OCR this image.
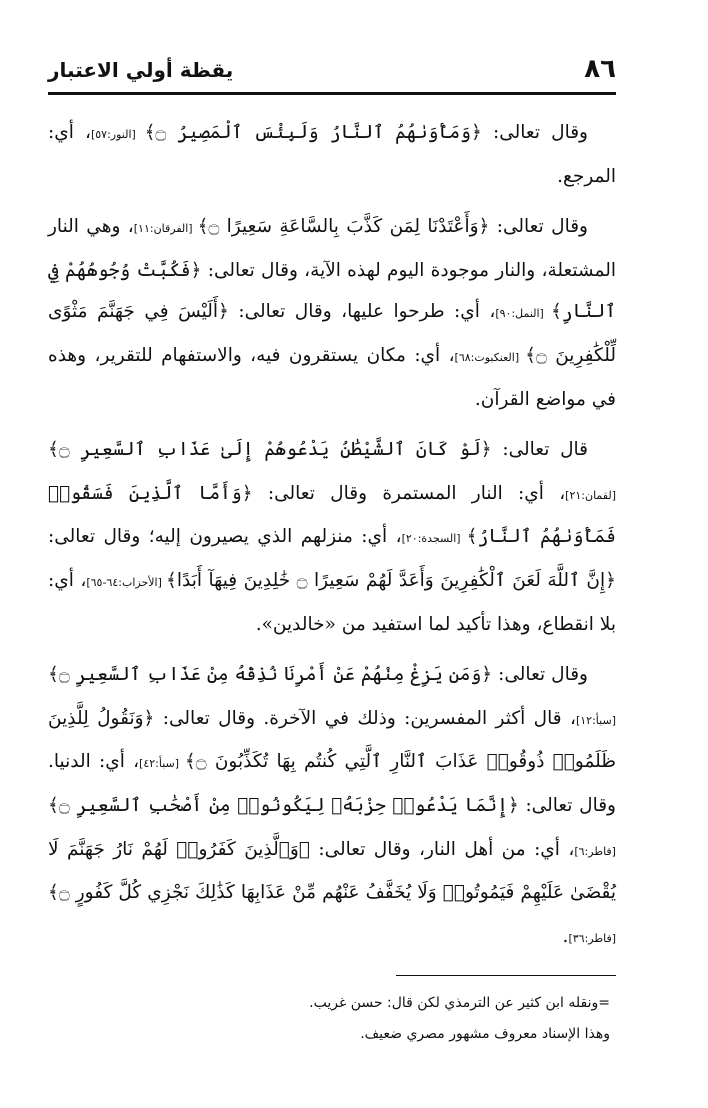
٨٦
يقظة أولي الاعتبار

وقال تعالى: ﴿وَمَأْوَىٰهُمُ ٱلنَّارُ وَلَبِئْسَ ٱلْمَصِيرُ ۝﴾ [النور:٥٧]، أي: المرجع.

وقال تعالى: ﴿وَأَعْتَدْنَا لِمَن كَذَّبَ بِالسَّاعَةِ سَعِيرًا ۝﴾ [الفرقان:١١]، وهي النار المشتعلة، والنار موجودة اليوم لهذه الآية، وقال تعالى: ﴿فَكُبَّتْ وُجُوهُهُمْ فِي ٱلنَّارِ﴾ [النمل:٩٠]، أي: طرحوا عليها، وقال تعالى: ﴿أَلَيْسَ فِي جَهَنَّمَ مَثْوًى لِّلْكَٰفِرِينَ ۝﴾ [العنكبوت:٦٨]، أي: مكان يستقرون فيه، والاستفهام للتقرير، وهذه في مواضع القرآن.

قال تعالى: ﴿لَوْ كَانَ ٱلشَّيْطَٰنُ يَدْعُوهُمْ إِلَىٰ عَذَابِ ٱلسَّعِيرِ ۝﴾ [لقمان:٢١]، أي: النار المستمرة وقال تعالى: ﴿وَأَمَّا ٱلَّذِينَ فَسَقُوا۟ فَمَأْوَىٰهُمُ ٱلنَّارُ﴾ [السجدة:٢٠]، أي: منزلهم الذي يصيرون إليه؛ وقال تعالى: ﴿إِنَّ ٱللَّهَ لَعَنَ ٱلْكَٰفِرِينَ وَأَعَدَّ لَهُمْ سَعِيرًا ۝ خَٰلِدِينَ فِيهَآ أَبَدًا﴾ [الأحزاب:٦٤-٦٥]، أي: بلا انقطاع، وهذا تأكيد لما استفيد من «خالدين».

وقال تعالى: ﴿وَمَن يَزِغْ مِنْهُمْ عَنْ أَمْرِنَا نُذِقْهُ مِنْ عَذَابِ ٱلسَّعِيرِ ۝﴾ [سبأ:١٢]، قال أكثر المفسرين: وذلك في الآخرة. وقال تعالى: ﴿وَنَقُولُ لِلَّذِينَ ظَلَمُوا۟ ذُوقُوا۟ عَذَابَ ٱلنَّارِ ٱلَّتِي كُنتُم بِهَا تُكَذِّبُونَ ۝﴾ [سبأ:٤٢]، أي: الدنيا. وقال تعالى: ﴿إِنَّمَا يَدْعُوا۟ حِزْبَهُۥ لِيَكُونُوا۟ مِنْ أَصْحَٰبِ ٱلسَّعِيرِ ۝﴾ [فاطر:٦]، أي: من أهل النار، وقال تعالى: ﴿وَٱلَّذِينَ كَفَرُوا۟ لَهُمْ نَارُ جَهَنَّمَ لَا يُقْضَىٰ عَلَيْهِمْ فَيَمُوتُوا۟ وَلَا يُخَفَّفُ عَنْهُم مِّنْ عَذَابِهَا كَذَٰلِكَ نَجْزِي كُلَّ كَفُورٍ ۝﴾ [فاطر:٣٦].

=ونقله ابن كثير عن الترمذي لكن قال: حسن غريب.

وهذا الإسناد معروف مشهور مصري ضعيف.
